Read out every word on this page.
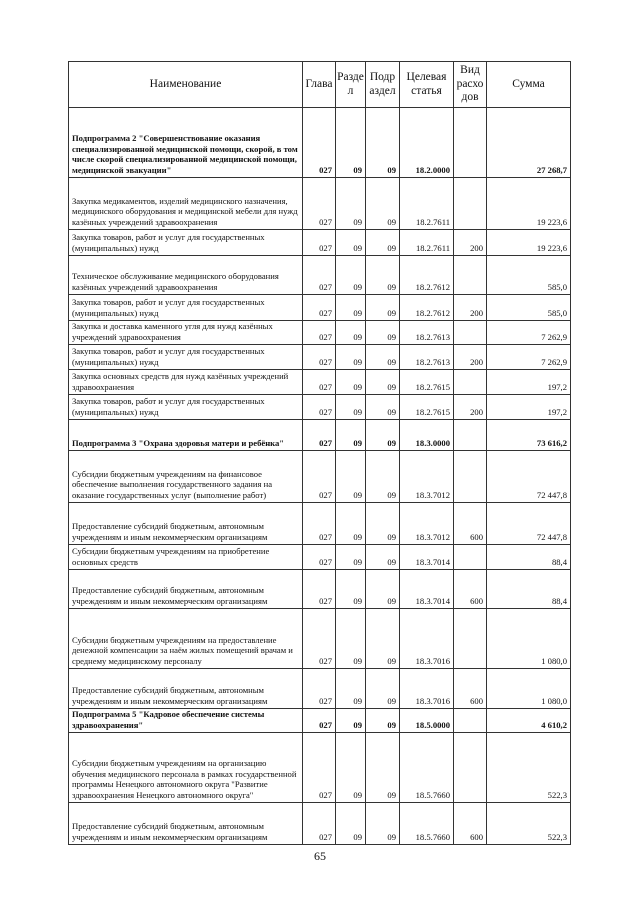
Наименование	Глава	Разде л	Подр аздел	Целевая статья	Вид расхо дов	Сумма
Подпрограмма 2 "Совершенствование оказания специализированной медицинской помощи, скорой, в том числе скорой специализированной медицинской помощи, медицинской эвакуации"	027	09	09	18.2.0000		27 268,7
Закупка медикаментов, изделий медицинского назначения, медицинского оборудования и медицинской мебели для нужд казённых учреждений здравоохранения	027	09	09	18.2.7611		19 223,6
Закупка товаров, работ и услуг для государственных (муниципальных) нужд	027	09	09	18.2.7611	200	19 223,6
Техническое обслуживание медицинского оборудования казённых учреждений здравоохранения	027	09	09	18.2.7612		585,0
Закупка товаров, работ и услуг для государственных (муниципальных) нужд	027	09	09	18.2.7612	200	585,0
Закупка и доставка каменного угля для нужд казённых учреждений здравоохранения	027	09	09	18.2.7613		7 262,9
Закупка товаров, работ и услуг для государственных (муниципальных) нужд	027	09	09	18.2.7613	200	7 262,9
Закупка основных средств для нужд казённых учреждений здравоохранения	027	09	09	18.2.7615		197,2
Закупка товаров, работ и услуг для государственных (муниципальных) нужд	027	09	09	18.2.7615	200	197,2
Подпрограмма 3 "Охрана здоровья матери и ребёнка"	027	09	09	18.3.0000		73 616,2
Субсидии бюджетным учреждениям на финансовое обеспечение выполнения государственного задания на оказание государственных услуг (выполнение работ)	027	09	09	18.3.7012		72 447,8
Предоставление субсидий бюджетным, автономным учреждениям и иным некоммерческим организациям	027	09	09	18.3.7012	600	72 447,8
Субсидии бюджетным учреждениям на приобретение основных средств	027	09	09	18.3.7014		88,4
Предоставление субсидий бюджетным, автономным учреждениям и иным некоммерческим организациям	027	09	09	18.3.7014	600	88,4
Субсидии бюджетным учреждениям на предоставление денежной компенсации за наём жилых помещений врачам и среднему медицинскому персоналу	027	09	09	18.3.7016		1 080,0
Предоставление субсидий бюджетным, автономным учреждениям и иным некоммерческим организациям	027	09	09	18.3.7016	600	1 080,0
Подпрограмма 5 "Кадровое обеспечение системы здравоохранения"	027	09	09	18.5.0000		4 610,2
Субсидии бюджетным учреждениям на организацию обучения медицинского персонала в рамках государственной программы Ненецкого автономного округа "Развитие здравоохранения Ненецкого автономного округа"	027	09	09	18.5.7660		522,3
Предоставление субсидий бюджетным, автономным учреждениям и иным некоммерческим организациям	027	09	09	18.5.7660	600	522,3
65
